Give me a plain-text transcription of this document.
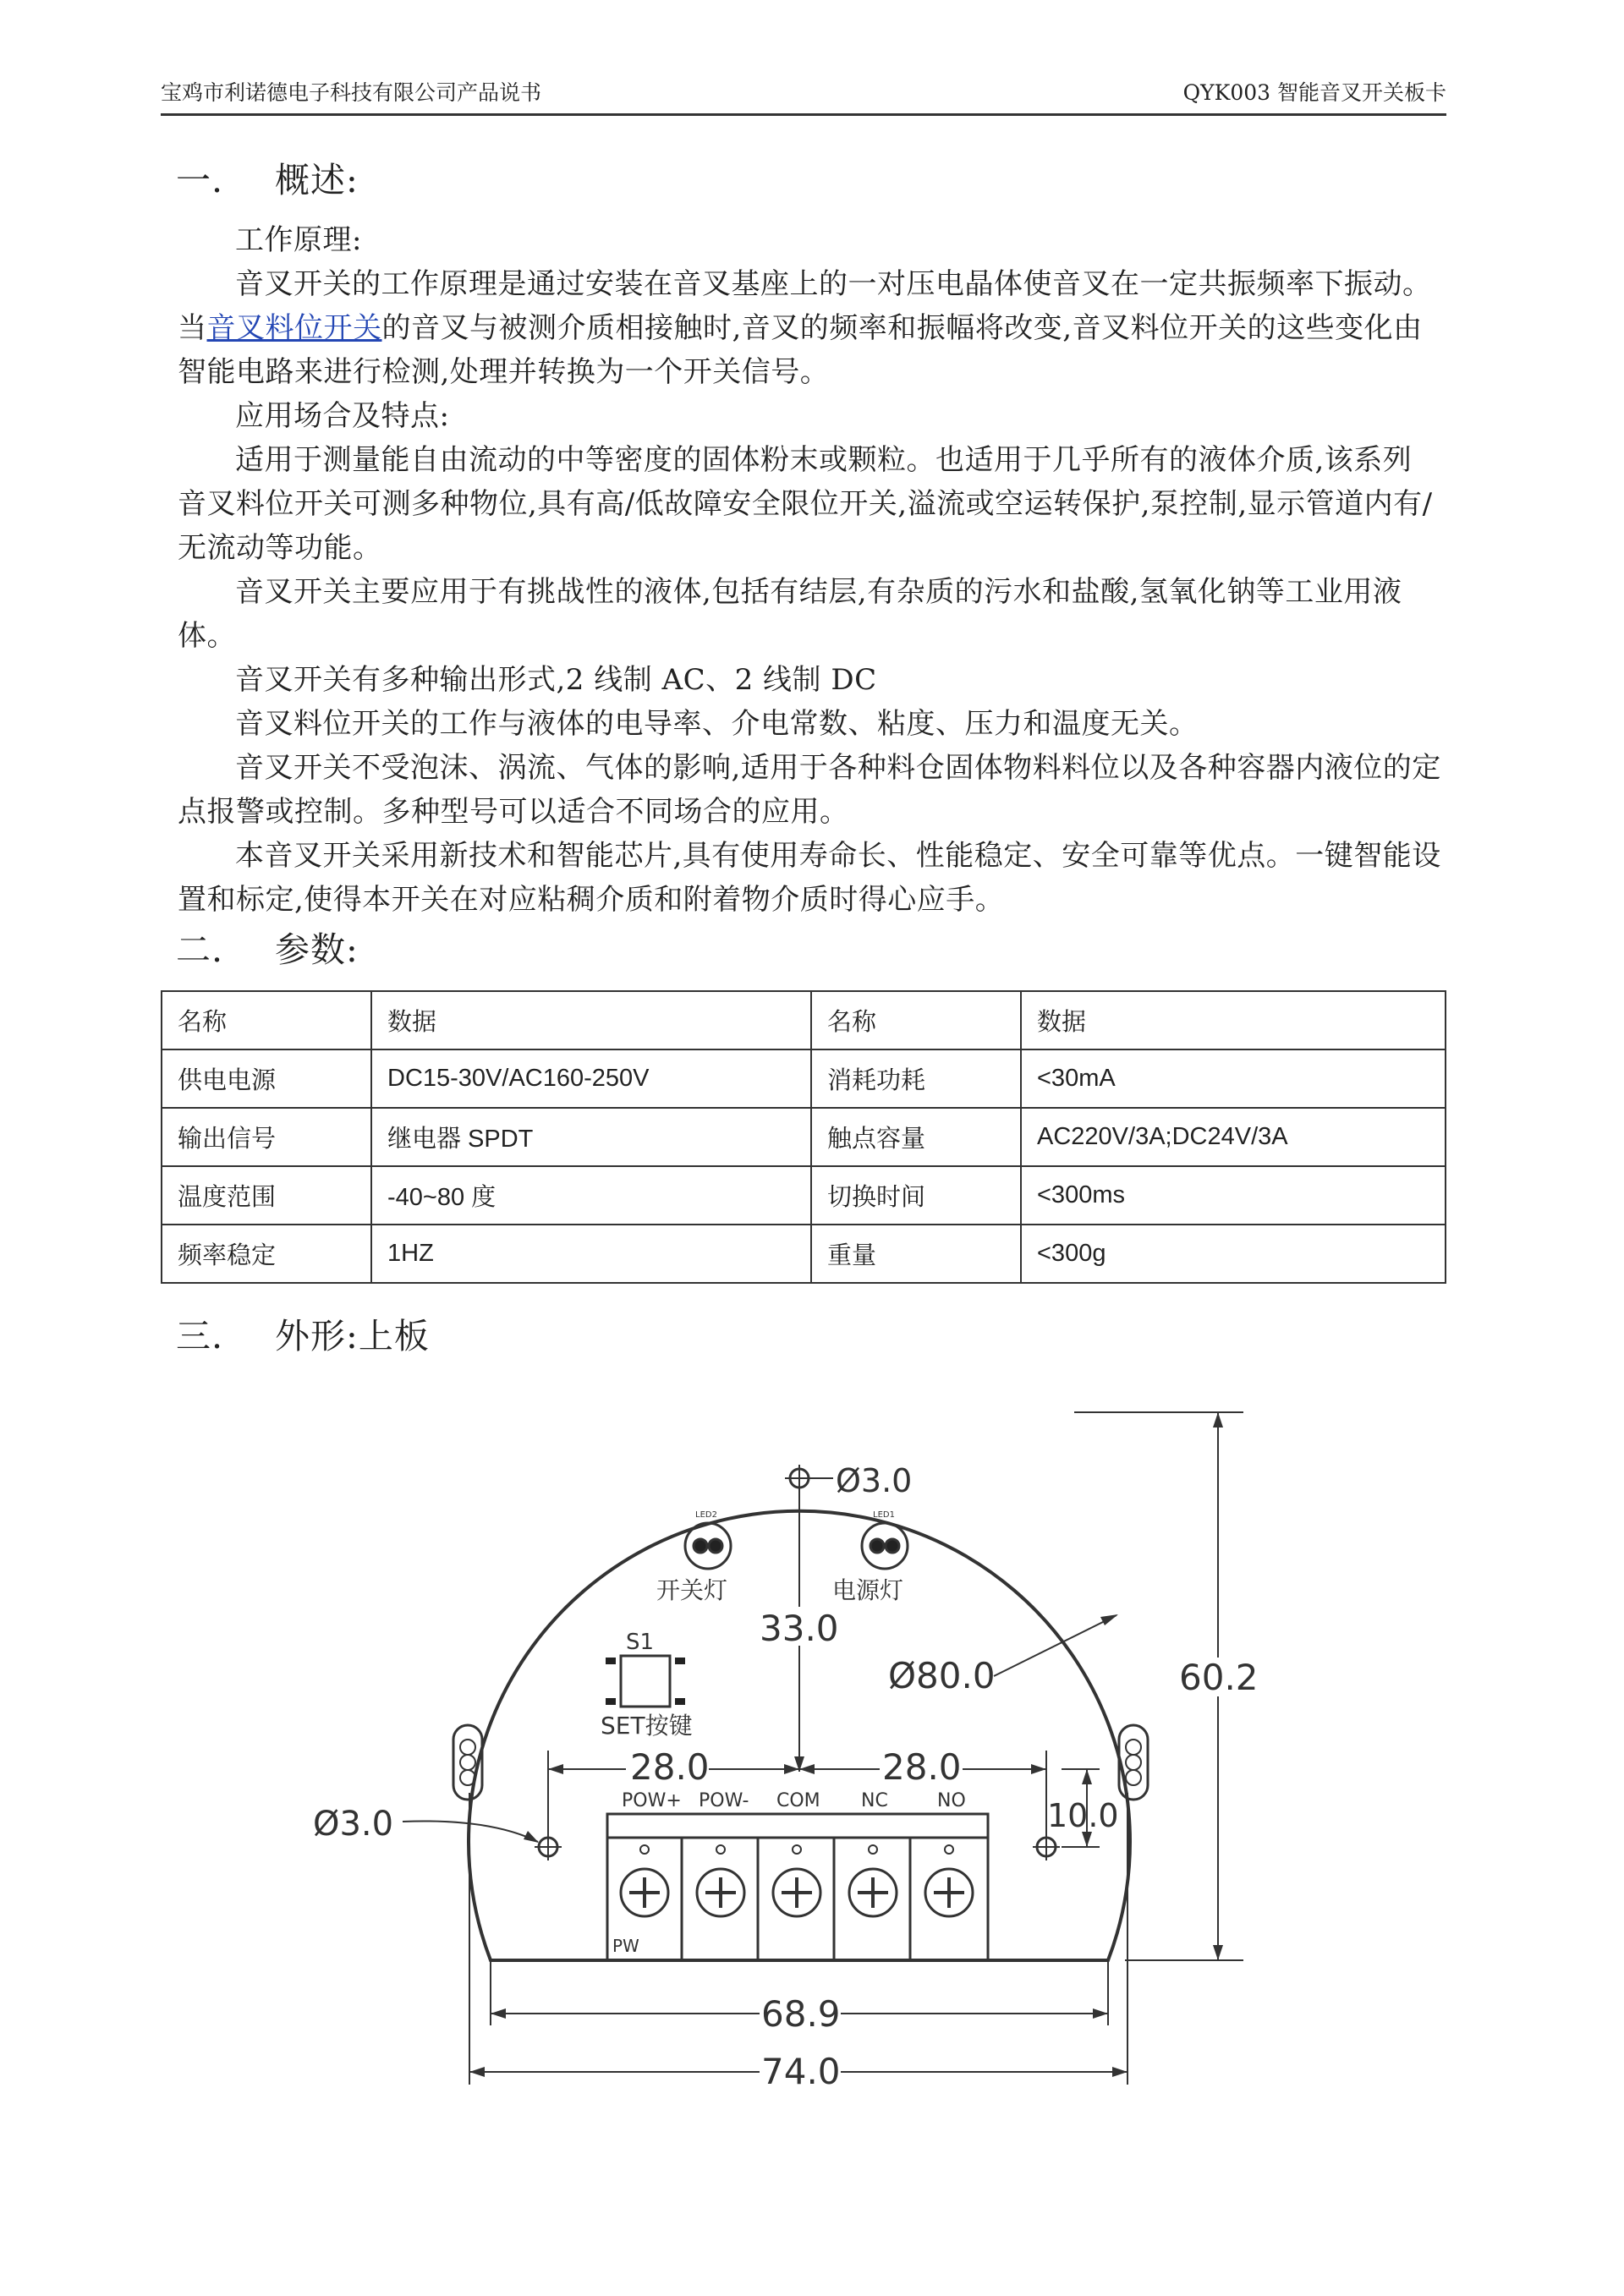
宝鸡市利诺德电子科技有限公司产品说书	QYK003 智能音叉开关板卡
一. 概述:

工作原理:

音叉开关的工作原理是通过安装在音叉基座上的一对压电晶体使音叉在一定共振频率下振动。当音叉料位开关的音叉与被测介质相接触时,音叉的频率和振幅将改变,音叉料位开关的这些变化由智能电路来进行检测,处理并转换为一个开关信号。

应用场合及特点:

适用于测量能自由流动的中等密度的固体粉末或颗粒。也适用于几乎所有的液体介质,该系列 音叉料位开关可测多种物位,具有高/低故障安全限位开关,溢流或空运转保护,泵控制,显示管道内有/无流动等功能。

音叉开关主要应用于有挑战性的液体,包括有结层,有杂质的污水和盐酸,氢氧化钠等工业用液体。

音叉开关有多种输出形式,2 线制 AC、2 线制 DC

音叉料位开关的工作与液体的电导率、介电常数、粘度、压力和温度无关。

音叉开关不受泡沫、涡流、气体的影响,适用于各种料仓固体物料料位以及各种容器内液位的定点报警或控制。多种型号可以适合不同场合的应用。

本音叉开关采用新技术和智能芯片,具有使用寿命长、性能稳定、安全可靠等优点。一键智能设置和标定,使得本开关在对应粘稠介质和附着物介质时得心应手。

二. 参数:
名称	数据	名称	数据
供电电源	DC15-30V/AC160-250V	消耗功耗	<30mA
输出信号	继电器 SPDT	触点容量	AC220V/3A;DC24V/3A
温度范围	-40~80 度	切换时间	<300ms
频率稳定	1HZ	重量	<300g
三. 外形:上板
Ø3.0
33.0
LED2
开关灯
LED1
电源灯
Ø80.0
S1
SET按键
28.0	28.0
10.0
Ø3.0
POW+ POW- COM NC	NO
PW
60.2
68.9
74.0
